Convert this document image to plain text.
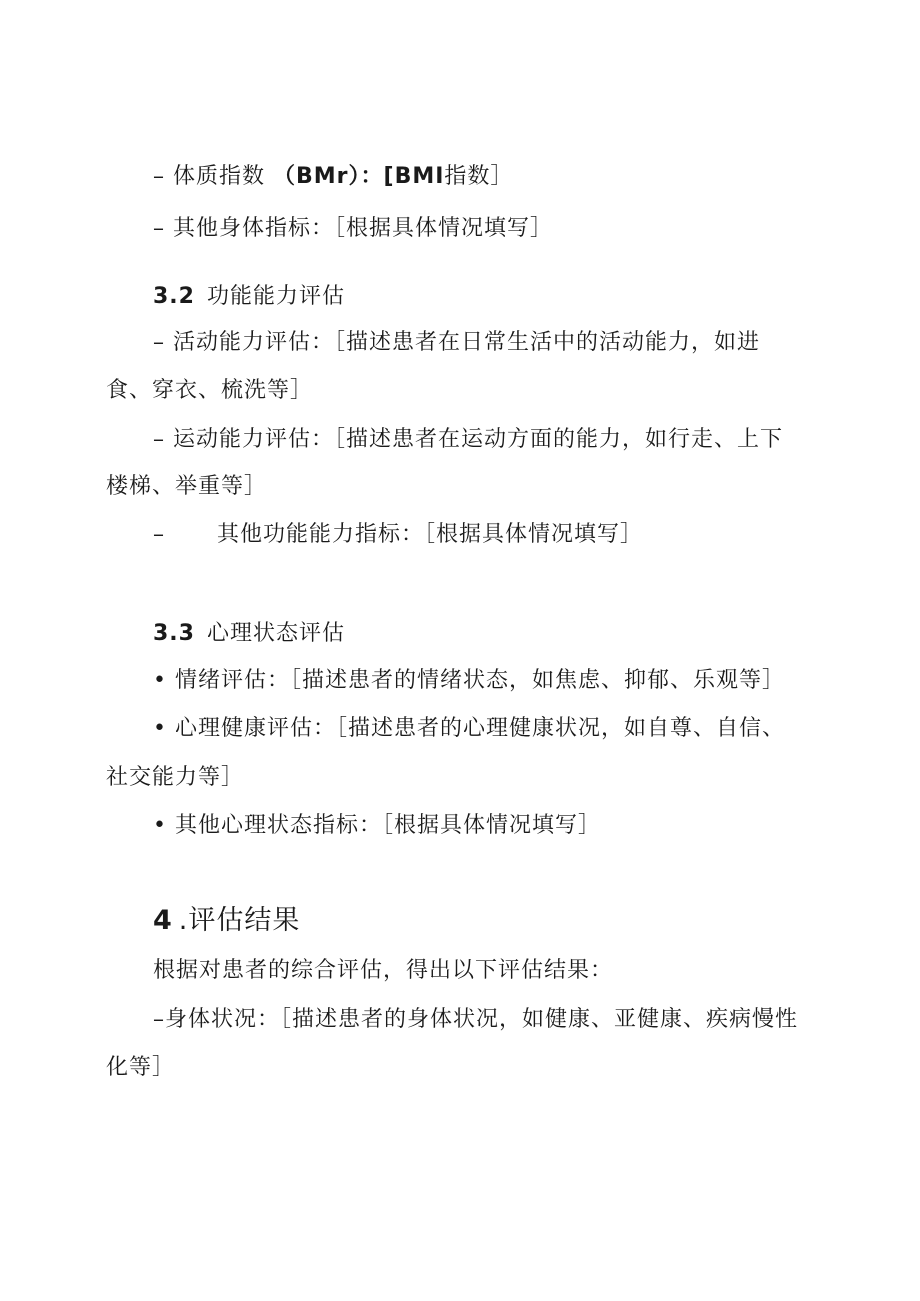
– 体质指数 （BMr）：[BMI指数］
– 其他身体指标：［根据具体情况填写］
3.2 功能能力评估
– 活动能力评估：［描述患者在日常生活中的活动能力，如进
食、穿衣、梳洗等］
– 运动能力评估：［描述患者在运动方面的能力，如行走、上下
楼梯、举重等］
– 其他功能能力指标：［根据具体情况填写］
3.3 心理状态评估
• 情绪评估：［描述患者的情绪状态，如焦虑、抑郁、乐观等］
• 心理健康评估：［描述患者的心理健康状况，如自尊、自信、
社交能力等］
• 其他心理状态指标：［根据具体情况填写］
4 .评估结果
根据对患者的综合评估，得出以下评估结果：
–身体状况：［描述患者的身体状况，如健康、亚健康、疾病慢性
化等］
